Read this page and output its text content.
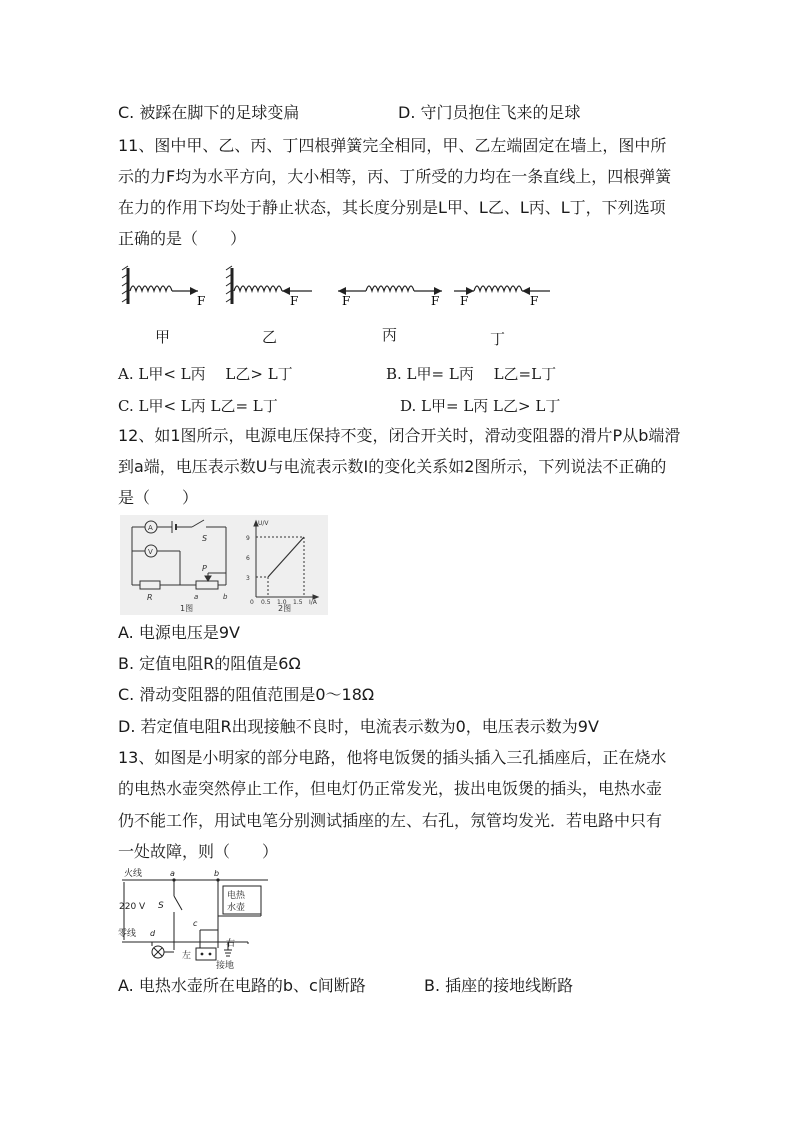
C. 被踩在脚下的足球变扁	D. 守门员抱住飞来的足球
11、图中甲、乙、丙、丁四根弹簧完全相同，甲、乙左端固定在墙上，图中所
示的力F均为水平方向，大小相等，丙、丁所受的力均在一条直线上，四根弹簧
在力的作用下均处于静止状态，其长度分别是L甲、L乙、L丙、L丁，下列选项
正确的是（　　）
F	F	F	F F	F
甲	乙	丙	丁
A. L甲< L丙　 L乙> L丁	B. L甲= L丙　 L乙=L丁
C. L甲< L丙 L乙= L丁	D. L甲= L丙 L乙> L丁
12、如1图所示，电源电压保持不变，闭合开关时，滑动变阻器的滑片P从b端滑
到a端，电压表示数U与电流表示数I的变化关系如2图所示，下列说法不正确的
是（　　）
A
V
S
R
P
a	b
1图
U/V
9
6
3
0 0.5 1.0 1.5 I/A
2图
A. 电源电压是9V
B. 定值电阻R的阻值是6Ω
C. 滑动变阻器的阻值范围是0～18Ω
D. 若定值电阻R出现接触不良时，电流表示数为0，电压表示数为9V
13、如图是小明家的部分电路，他将电饭煲的插头插入三孔插座后，正在烧水
的电热水壶突然停止工作，但电灯仍正常发光，拔出电饭煲的插头，电热水壶
仍不能工作，用试电笔分别测试插座的左、右孔，氖管均发光．若电路中只有
一处故障，则（　　）
火线
零线
220 V S
a	b
c
d
电热
水壶
左
右
接地
A. 电热水壶所在电路的b、c间断路	B. 插座的接地线断路
